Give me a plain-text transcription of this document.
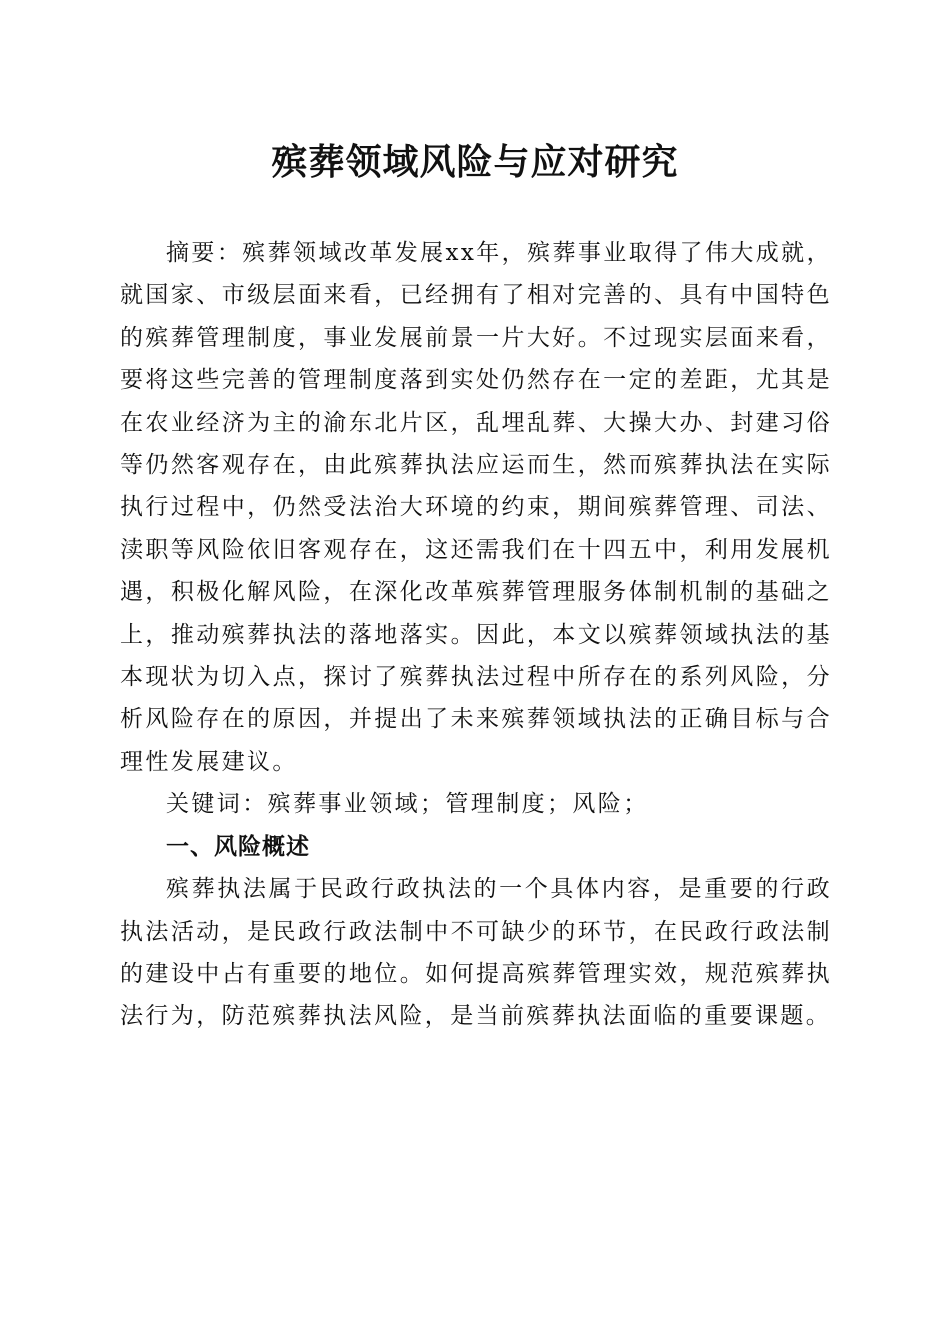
殡葬领域风险与应对研究

摘要：殡葬领域改革发展xx年，殡葬事业取得了伟大成就，就国家、市级层面来看，已经拥有了相对完善的、具有中国特色的殡葬管理制度，事业发展前景一片大好。不过现实层面来看，要将这些完善的管理制度落到实处仍然存在一定的差距，尤其是在农业经济为主的渝东北片区，乱埋乱葬、大操大办、封建习俗等仍然客观存在，由此殡葬执法应运而生，然而殡葬执法在实际执行过程中，仍然受法治大环境的约束，期间殡葬管理、司法、渎职等风险依旧客观存在，这还需我们在十四五中，利用发展机遇，积极化解风险，在深化改革殡葬管理服务体制机制的基础之上，推动殡葬执法的落地落实。因此，本文以殡葬领域执法的基本现状为切入点，探讨了殡葬执法过程中所存在的系列风险，分析风险存在的原因，并提出了未来殡葬领域执法的正确目标与合理性发展建议。

关键词：殡葬事业领域；管理制度；风险；

一、风险概述

殡葬执法属于民政行政执法的一个具体内容，是重要的行政执法活动，是民政行政法制中不可缺少的环节，在民政行政法制的建设中占有重要的地位。如何提高殡葬管理实效，规范殡葬执法行为，防范殡葬执法风险，是当前殡葬执法面临的重要课题。
